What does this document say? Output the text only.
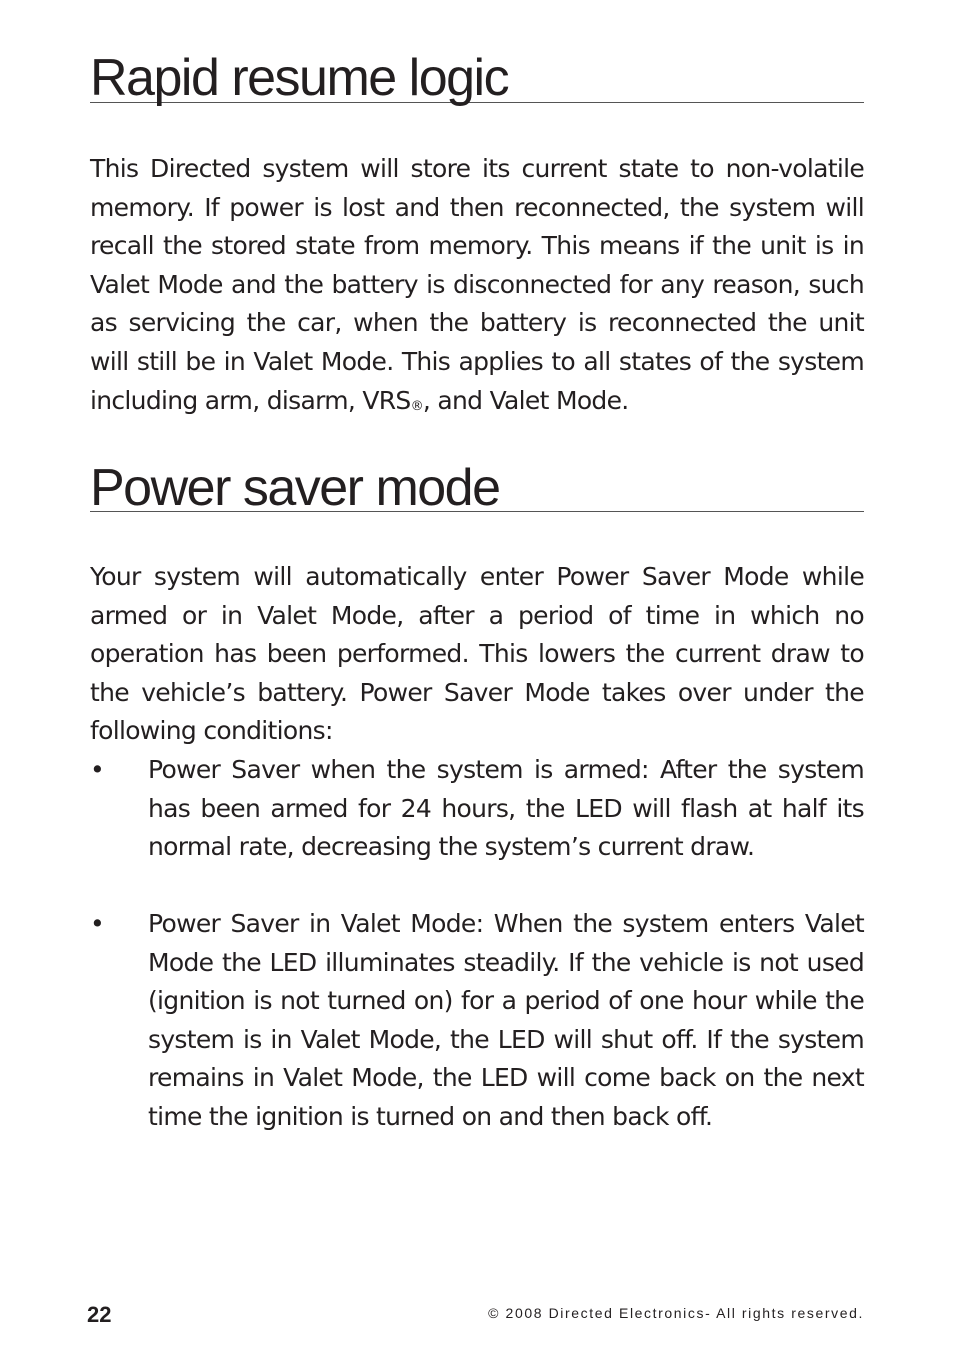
Rapid resume logic

This Directed system will store its current state to non-volatile memory. If power is lost and then reconnected, the system will recall the stored state from memory. This means if the unit is in Valet Mode and the battery is disconnected for any reason, such as servicing the car, when the battery is reconnected the unit will still be in Valet Mode. This applies to all states of the system including arm, disarm, VRS®, and Valet Mode.

Power saver mode

Your system will automatically enter Power Saver Mode while armed or in Valet Mode, after a period of time in which no operation has been performed. This lowers the current draw to the vehicle’s battery. Power Saver Mode takes over under the following conditions:

• Power Saver when the system is armed: After the system has been armed for 24 hours, the LED will flash at half its normal rate, decreasing the system’s current draw.

• Power Saver in Valet Mode: When the system enters Valet Mode the LED illuminates steadily. If the vehicle is not used (ignition is not turned on) for a period of one hour while the system is in Valet Mode, the LED will shut off. If the system remains in Valet Mode, the LED will come back on the next time the ignition is turned on and then back off.

22	© 2008 Directed Electronics- All rights reserved.
